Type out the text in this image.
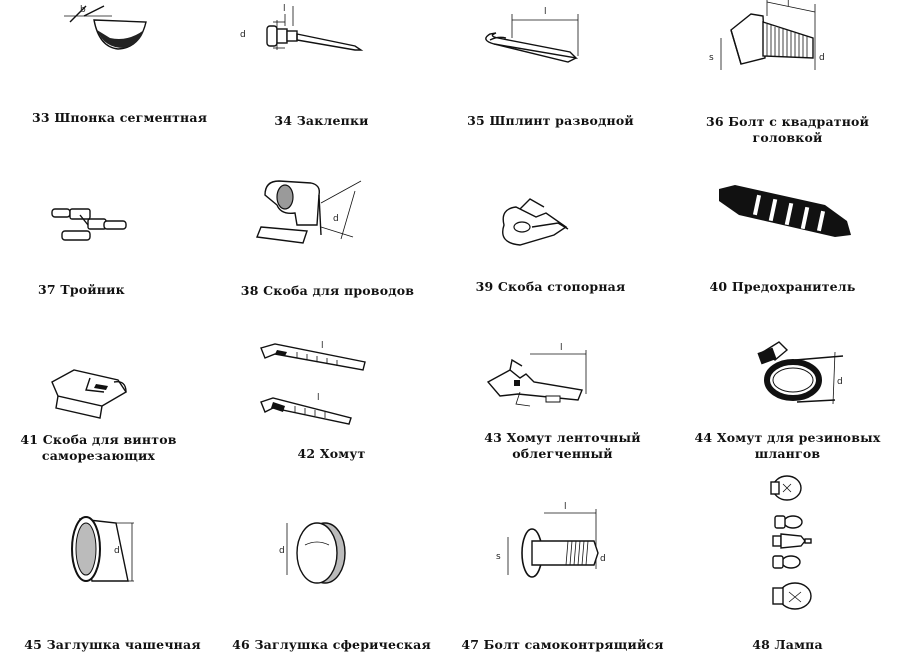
b
33 Шпонка сегментная
d
l
34 Заклепки
l
35 Шплинт разводной
l
s	d
36 Болт с квадратной
головкой
37 Тройник
d
38 Скоба для проводов	39 Скоба стопорная	40 Предохранитель
41 Скоба для винтов
саморезающих
l
l
42 Хомут
l
43 Хомут ленточный
облегченный
d
44 Хомут для резиновых
шлангов
d
45 Заглушка чашечная
d
46 Заглушка сферическая
l
s	d
47 Болт самоконтрящийся	48 Лампа
